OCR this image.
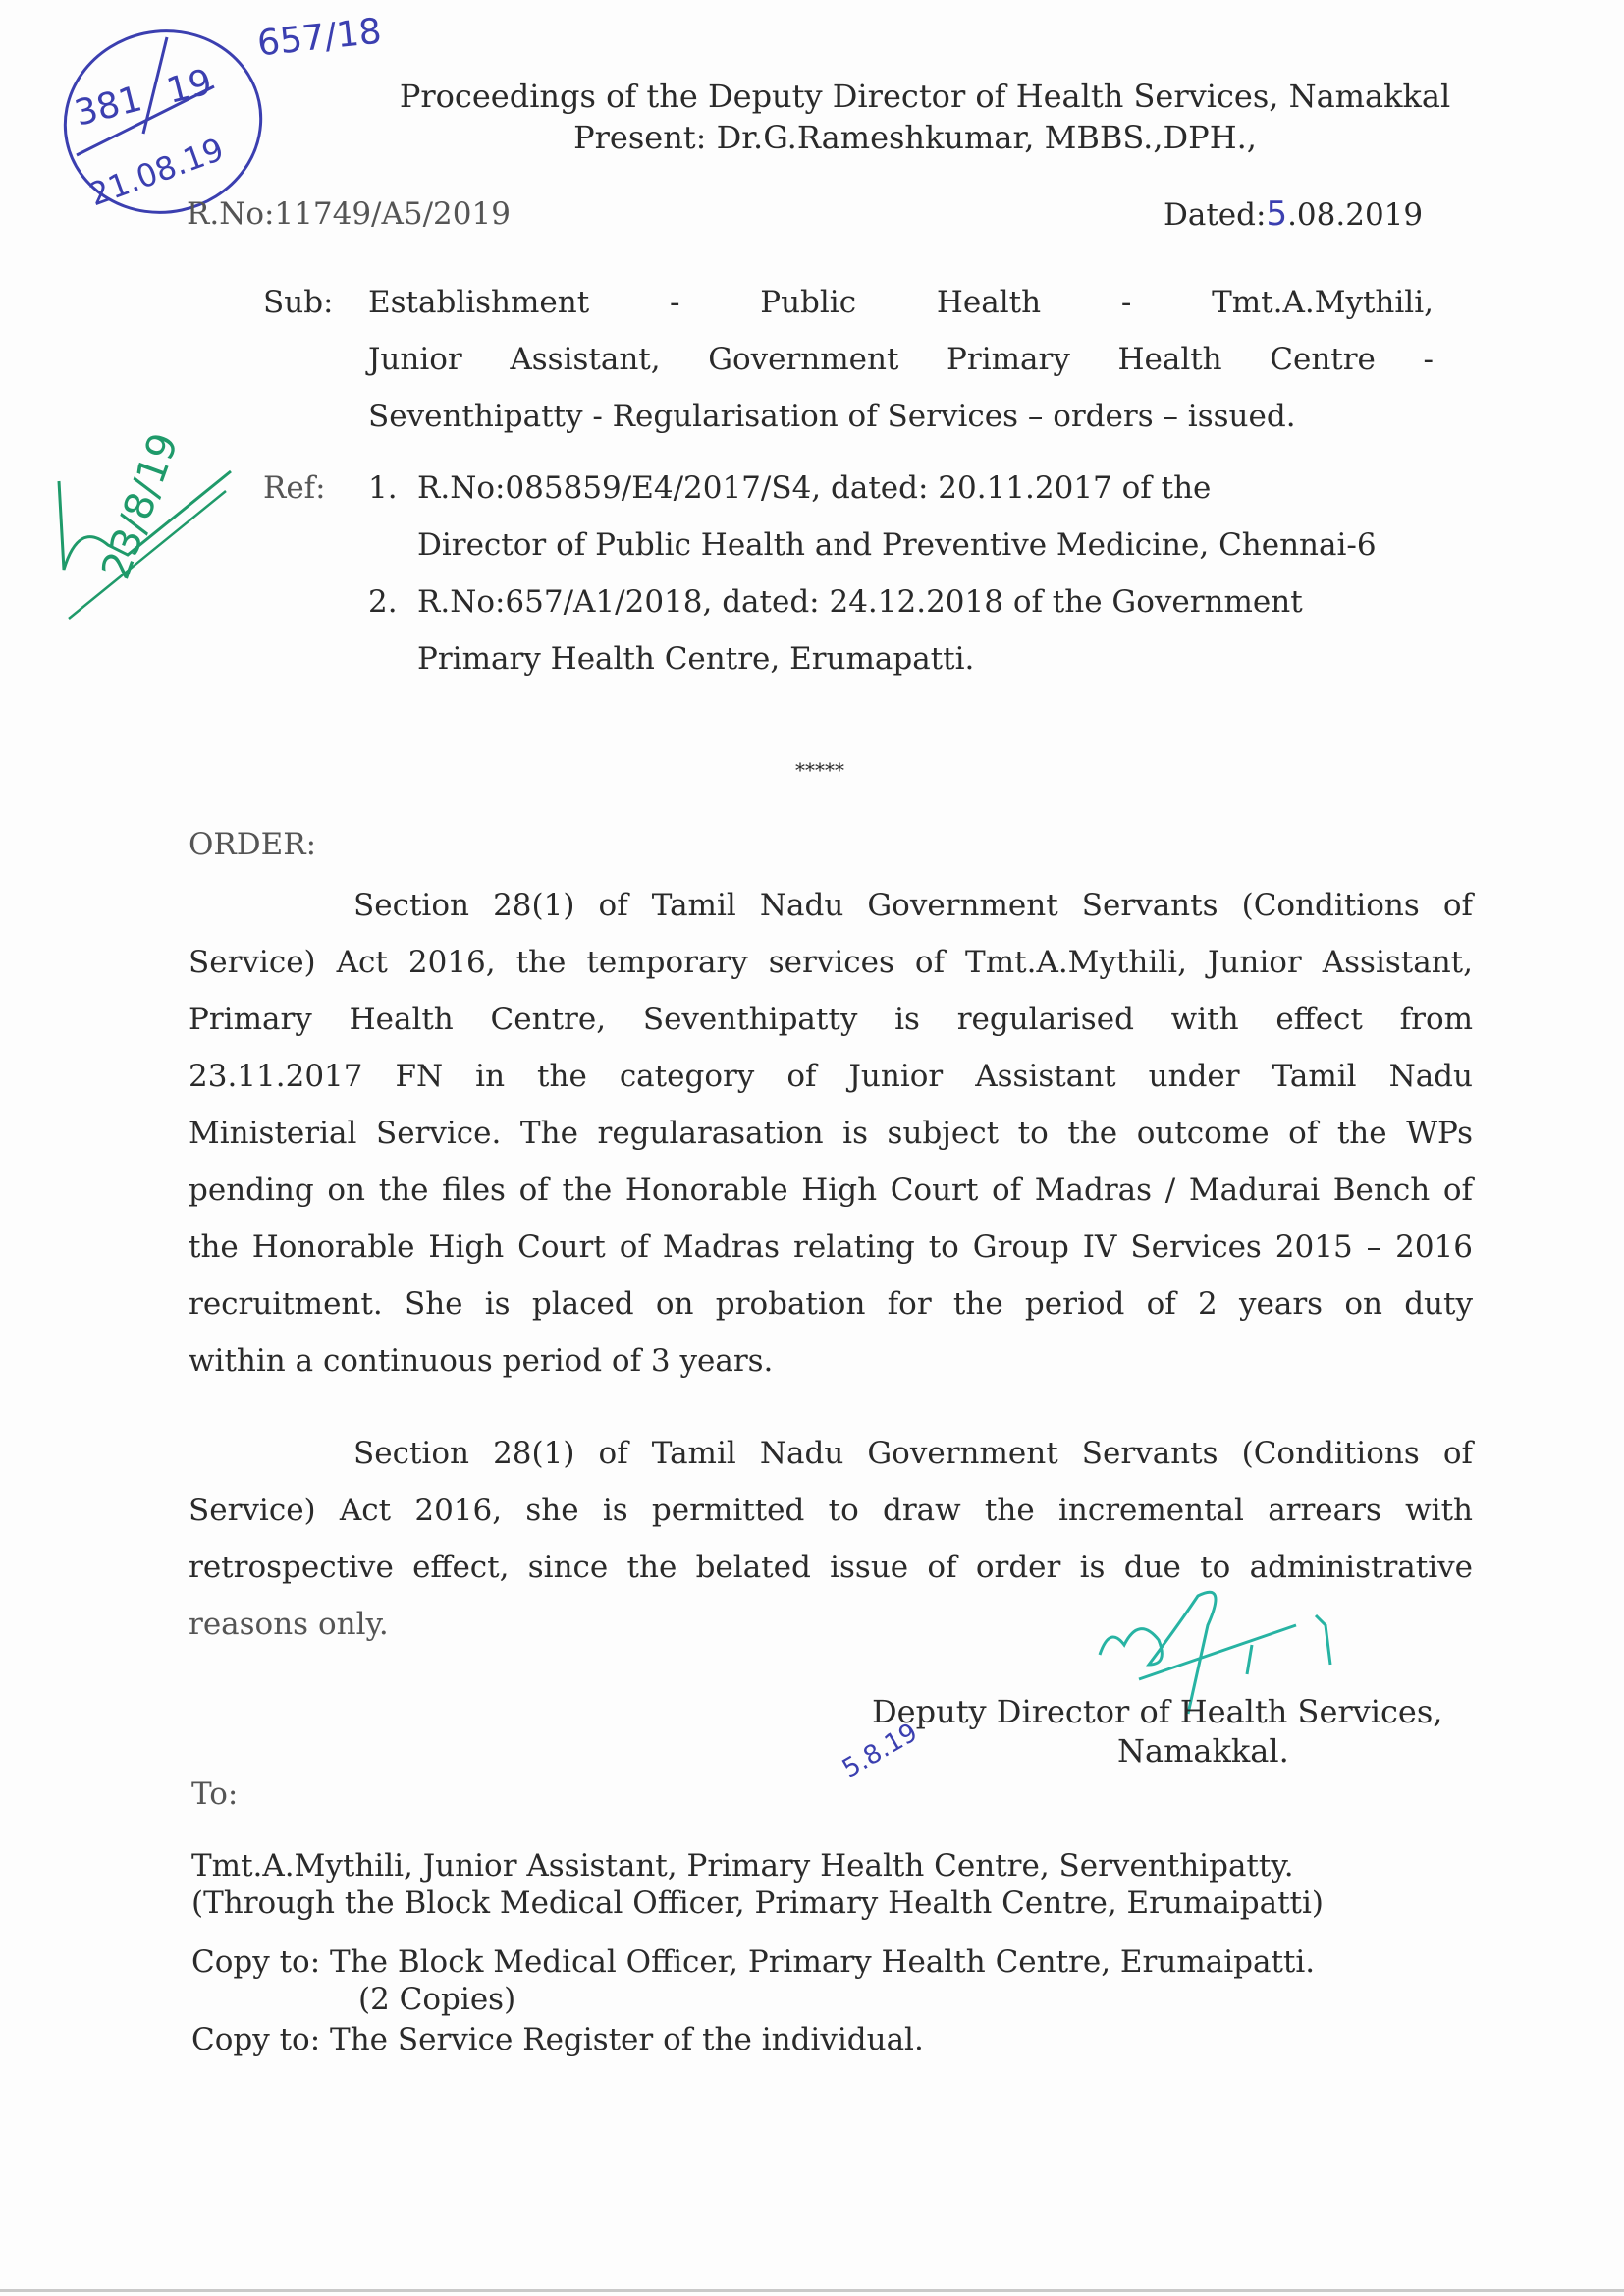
381 19
21.08.19
657/18
Proceedings of the Deputy Director of Health Services, Namakkal
Present: Dr.G.Rameshkumar, MBBS.,DPH.,
R.No:11749/A5/2019	Dated:5.08.2019
Sub: Establishment - Public Health - Tmt.A.Mythili,
Junior Assistant, Government Primary Health Centre -
Seventhipatty - Regularisation of Services – orders – issued.
23/8/19 Ref: 1. R.No:085859/E4/2017/S4, dated: 20.11.2017 of the
Director of Public Health and Preventive Medicine, Chennai-6
2. R.No:657/A1/2018, dated: 24.12.2018 of the Government
Primary Health Centre, Erumapatti.
*****
ORDER:
Section 28(1) of Tamil Nadu Government Servants (Conditions of
Service) Act 2016, the temporary services of Tmt.A.Mythili, Junior Assistant,
Primary Health Centre, Seventhipatty is regularised with effect from
23.11.2017 FN in the category of Junior Assistant under Tamil Nadu
Ministerial Service. The regularasation is subject to the outcome of the WPs
pending on the files of the Honorable High Court of Madras / Madurai Bench of
the Honorable High Court of Madras relating to Group IV Services 2015 – 2016
recruitment. She is placed on probation for the period of 2 years on duty
within a continuous period of 3 years.
Section 28(1) of Tamil Nadu Government Servants (Conditions of
Service) Act 2016, she is permitted to draw the incremental arrears with
retrospective effect, since the belated issue of order is due to administrative
reasons only.
Deputy Director of Health Services,
Namakkal.
5.8.19
To:
Tmt.A.Mythili, Junior Assistant, Primary Health Centre, Serventhipatty.
(Through the Block Medical Officer, Primary Health Centre, Erumaipatti)
Copy to: The Block Medical Officer, Primary Health Centre, Erumaipatti.
(2 Copies)
Copy to: The Service Register of the individual.
